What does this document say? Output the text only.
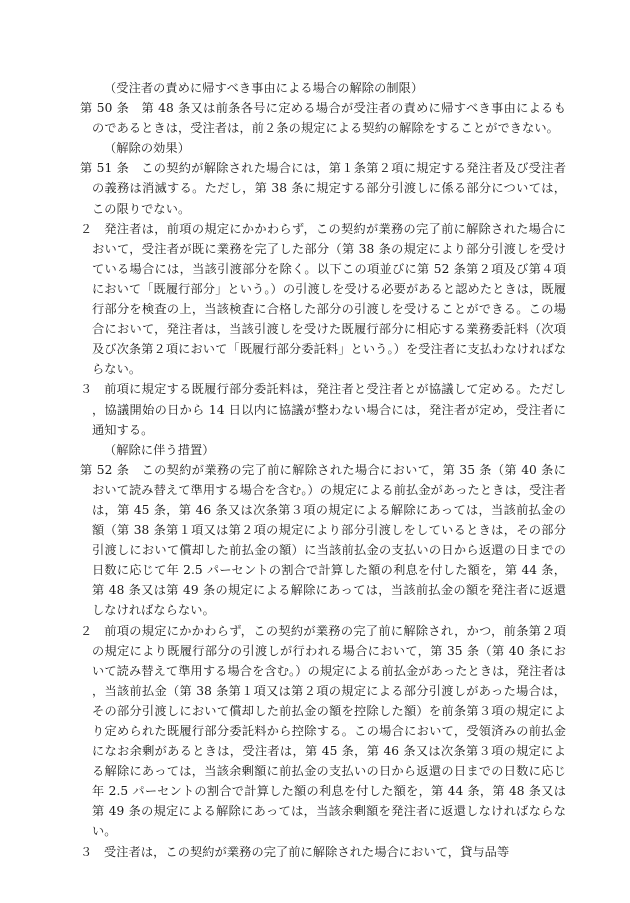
（受注者の責めに帰すべき事由による場合の解除の制限）

第 50 条 第 48 条又は前条各号に定める場合が受注者の責めに帰すべき事由によるものであるときは，受注者は，前２条の規定による契約の解除をすることができない。

（解除の効果）

第 51 条 この契約が解除された場合には，第１条第２項に規定する発注者及び受注者の義務は消滅する。ただし，第 38 条に規定する部分引渡しに係る部分については，この限りでない。

２ 発注者は，前項の規定にかかわらず，この契約が業務の完了前に解除された場合において，受注者が既に業務を完了した部分（第 38 条の規定により部分引渡しを受けている場合には，当該引渡部分を除く。以下この項並びに第 52 条第２項及び第４項において「既履行部分」という。）の引渡しを受ける必要があると認めたときは，既履行部分を検査の上，当該検査に合格した部分の引渡しを受けることができる。この場合において，発注者は，当該引渡しを受けた既履行部分に相応する業務委託料（次項及び次条第２項において「既履行部分委託料」という。）を受注者に支払わなければならない。

３ 前項に規定する既履行部分委託料は，発注者と受注者とが協議して定める。ただし，協議開始の日から 14 日以内に協議が整わない場合には，発注者が定め，受注者に通知する。

（解除に伴う措置）

第 52 条 この契約が業務の完了前に解除された場合において，第 35 条（第 40 条において読み替えて準用する場合を含む。）の規定による前払金があったときは，受注者は，第 45 条，第 46 条又は次条第３項の規定による解除にあっては，当該前払金の額（第 38 条第１項又は第２項の規定により部分引渡しをしているときは，その部分引渡しにおいて償却した前払金の額）に当該前払金の支払いの日から返還の日までの日数に応じて年 2.5 パーセントの割合で計算した額の利息を付した額を，第 44 条，第 48 条又は第 49 条の規定による解除にあっては，当該前払金の額を発注者に返還しなければならない。

２ 前項の規定にかかわらず，この契約が業務の完了前に解除され，かつ，前条第２項の規定により既履行部分の引渡しが行われる場合において，第 35 条（第 40 条において読み替えて準用する場合を含む。）の規定による前払金があったときは，発注者は，当該前払金（第 38 条第１項又は第２項の規定による部分引渡しがあった場合は，その部分引渡しにおいて償却した前払金の額を控除した額）を前条第３項の規定により定められた既履行部分委託料から控除する。この場合において，受領済みの前払金になお余剰があるときは，受注者は，第 45 条，第 46 条又は次条第３項の規定による解除にあっては，当該余剰額に前払金の支払いの日から返還の日までの日数に応じ年 2.5 パーセントの割合で計算した額の利息を付した額を，第 44 条，第 48 条又は第 49 条の規定による解除にあっては，当該余剰額を発注者に返還しなければならない。

３ 受注者は，この契約が業務の完了前に解除された場合において，貸与品等
